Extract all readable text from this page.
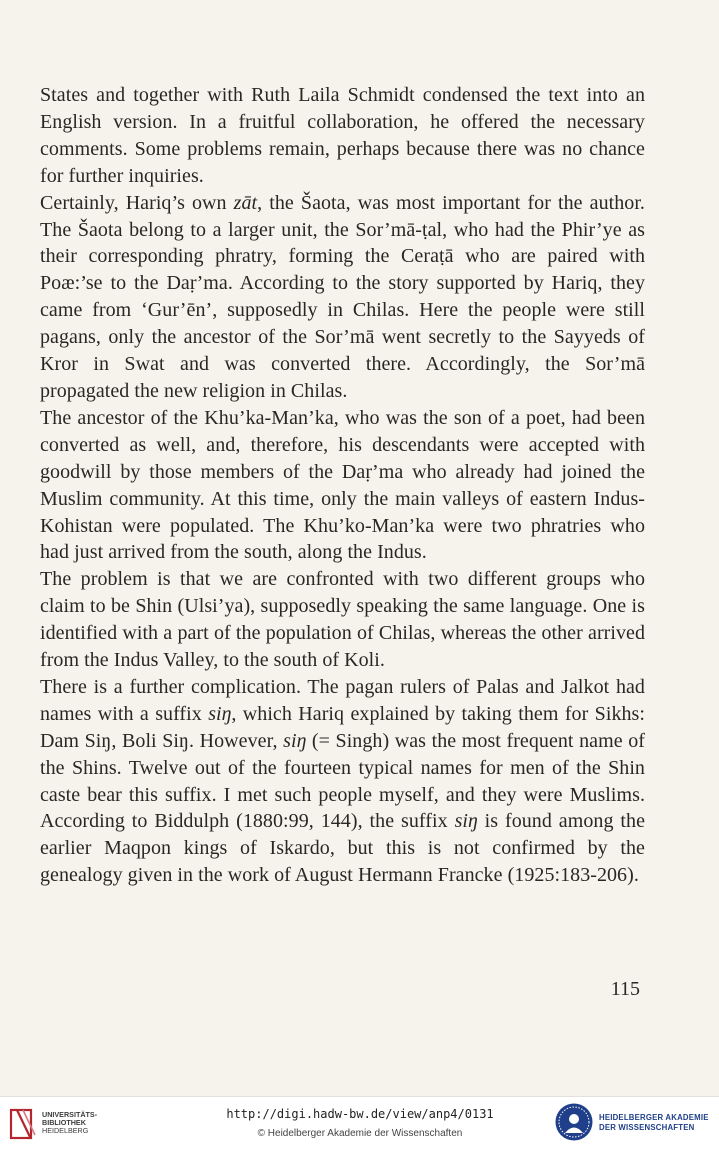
States and together with Ruth Laila Schmidt condensed the text into an English version. In a fruitful collaboration, he offered the necessary comments. Some problems remain, perhaps because there was no chance for further inquiries.

Certainly, Hariq’s own zāt, the Šaota, was most important for the author. The Šaota belong to a larger unit, the Sor’mā-ṭal, who had the Phir’ye as their corresponding phratry, forming the Ceraṭā who are paired with Poæ:’se to the Daṛ’ma. According to the story supported by Hariq, they came from ‘Gur’ēn’, supposedly in Chilas. Here the people were still pagans, only the ancestor of the Sor’mā went secretly to the Sayyeds of Kror in Swat and was converted there. Accordingly, the Sor’mā propagated the new religion in Chilas.

The ancestor of the Khu’ka-Man’ka, who was the son of a poet, had been converted as well, and, therefore, his descendants were accepted with goodwill by those members of the Daṛ’ma who already had joined the Muslim community. At this time, only the main valleys of eastern Indus-Kohistan were populated. The Khu’ko-Man’ka were two phratries who had just arrived from the south, along the Indus.

The problem is that we are confronted with two different groups who claim to be Shin (Ulsi’ya), supposedly speaking the same language. One is identified with a part of the population of Chilas, whereas the other arrived from the Indus Valley, to the south of Koli.

There is a further complication. The pagan rulers of Palas and Jalkot had names with a suffix siŋ, which Hariq explained by taking them for Sikhs: Dam Siŋ, Boli Siŋ. However, siŋ (= Singh) was the most frequent name of the Shins. Twelve out of the fourteen typical names for men of the Shin caste bear this suffix. I met such people myself, and they were Muslims. According to Biddulph (1880:99, 144), the suffix siŋ is found among the earlier Maqpon kings of Iskardo, but this is not confirmed by the genealogy given in the work of August Hermann Francke (1925:183-206).

115
UNIVERSITÄTS-
BIBLIOTHEK
HEIDELBERG
http://digi.hadw-bw.de/view/anp4/0131
© Heidelberger Akademie der Wissenschaften
HEIDELBERGER AKADEMIE
DER WISSENSCHAFTEN
